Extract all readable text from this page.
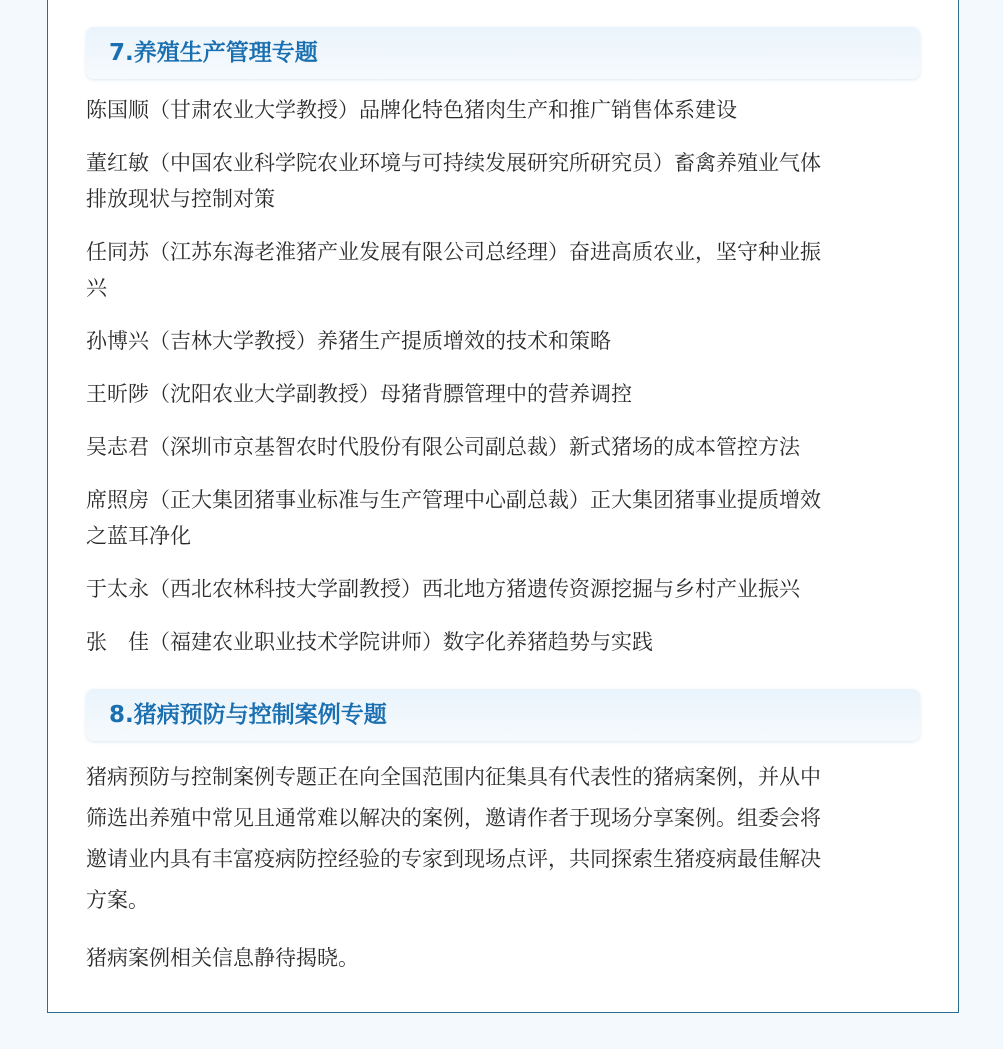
7.养殖生产管理专题
陈国顺（甘肃农业大学教授）品牌化特色猪肉生产和推广销售体系建设
董红敏（中国农业科学院农业环境与可持续发展研究所研究员）畜禽养殖业气体
排放现状与控制对策
任同苏（江苏东海老淮猪产业发展有限公司总经理）奋进高质农业，坚守种业振
兴
孙博兴（吉林大学教授）养猪生产提质增效的技术和策略
王昕陟（沈阳农业大学副教授）母猪背膘管理中的营养调控
吴志君（深圳市京基智农时代股份有限公司副总裁）新式猪场的成本管控方法
席照房（正大集团猪事业标准与生产管理中心副总裁）正大集团猪事业提质增效
之蓝耳净化
于太永（西北农林科技大学副教授）西北地方猪遗传资源挖掘与乡村产业振兴
张　佳（福建农业职业技术学院讲师）数字化养猪趋势与实践
8.猪病预防与控制案例专题
猪病预防与控制案例专题正在向全国范围内征集具有代表性的猪病案例，并从中
筛选出养殖中常见且通常难以解决的案例，邀请作者于现场分享案例。组委会将
邀请业内具有丰富疫病防控经验的专家到现场点评，共同探索生猪疫病最佳解决
方案。
猪病案例相关信息静待揭晓。
